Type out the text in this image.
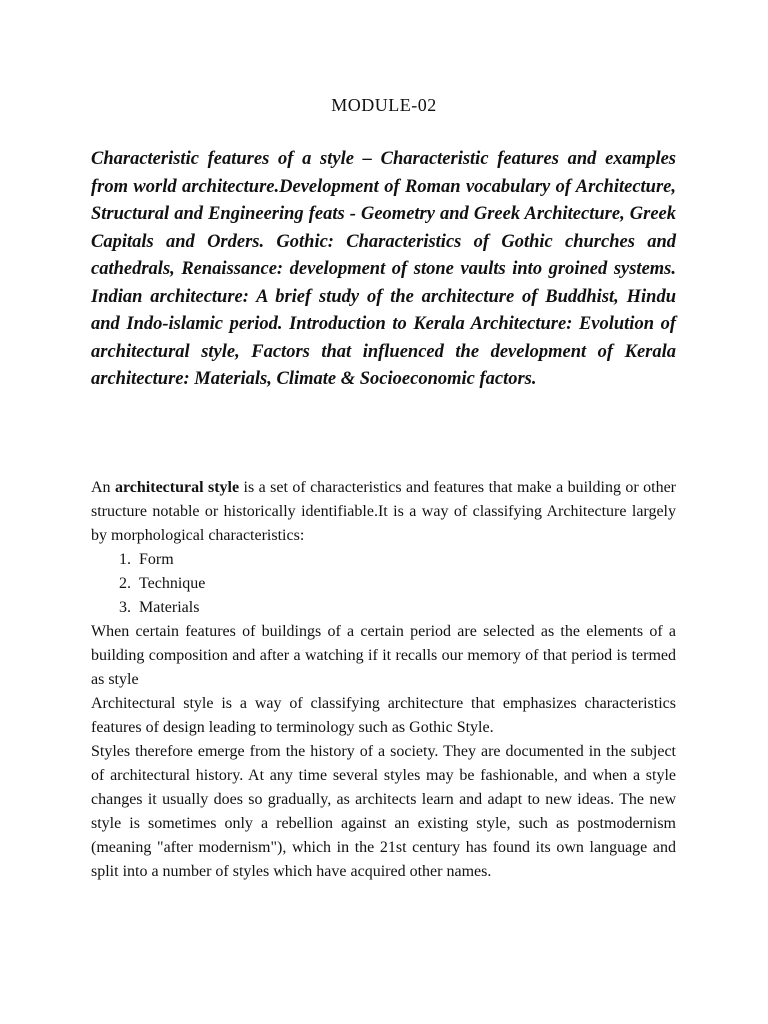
MODULE-02

Characteristic features of a style – Characteristic features and examples from world architecture.Development of Roman vocabulary of Architecture, Structural and Engineering feats - Geometry and Greek Architecture, Greek Capitals and Orders. Gothic: Characteristics of Gothic churches and cathedrals, Renaissance: development of stone vaults into groined systems. Indian architecture: A brief study of the architecture of Buddhist, Hindu and Indo-islamic period. Introduction to Kerala Architecture: Evolution of architectural style, Factors that influenced the development of Kerala architecture: Materials, Climate & Socioeconomic factors.

An architectural style is a set of characteristics and features that make a building or other structure notable or historically identifiable.It is a way of classifying Architecture largely by morphological characteristics:

1. Form
2. Technique
3. Materials

When certain features of buildings of a certain period are selected as the elements of a building composition and after a watching if it recalls our memory of that period is termed as style

Architectural style is a way of classifying architecture that emphasizes characteristics features of design leading to terminology such as Gothic Style.

Styles therefore emerge from the history of a society. They are documented in the subject of architectural history. At any time several styles may be fashionable, and when a style changes it usually does so gradually, as architects learn and adapt to new ideas. The new style is sometimes only a rebellion against an existing style, such as postmodernism (meaning "after modernism"), which in the 21st century has found its own language and split into a number of styles which have acquired other names.
